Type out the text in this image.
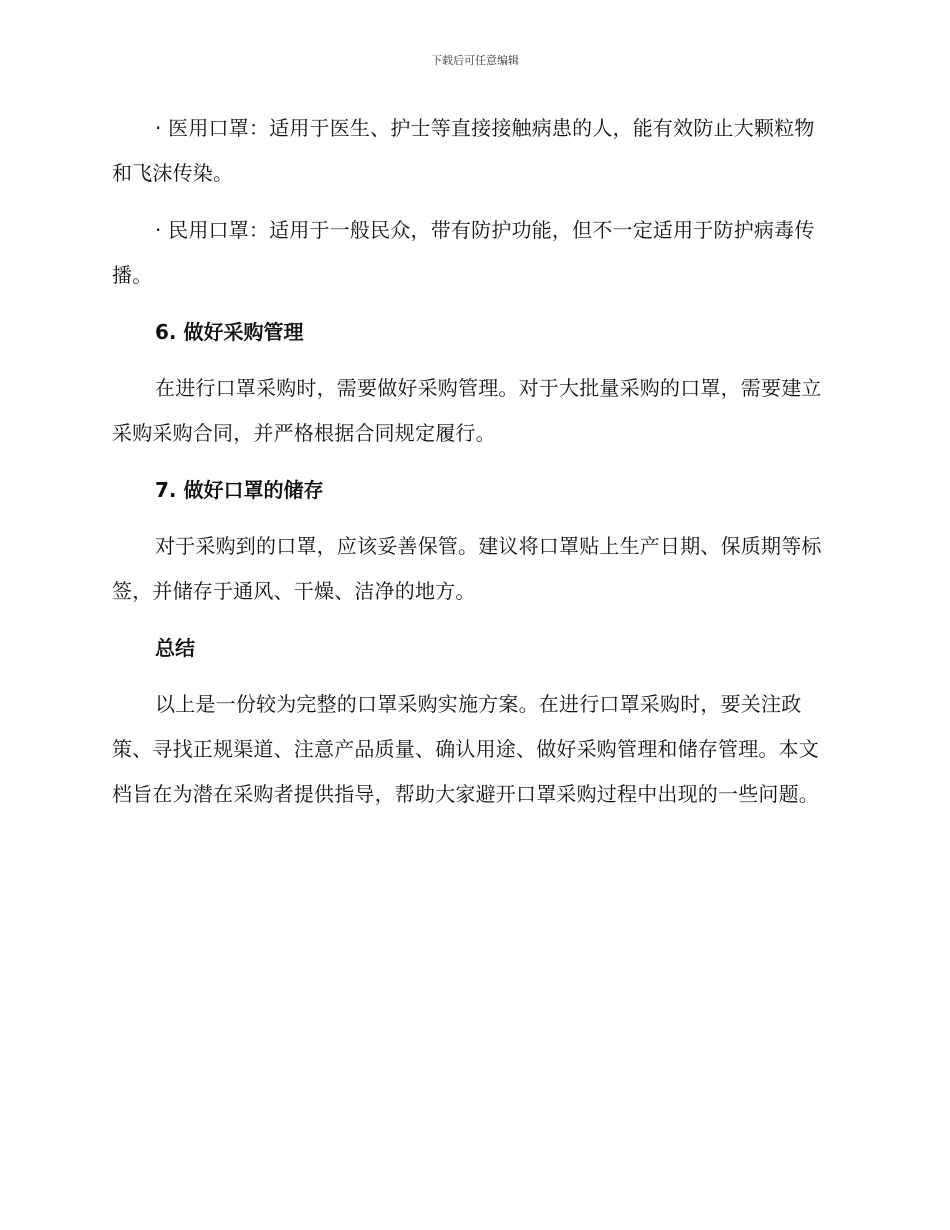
下载后可任意编辑

· 医用口罩：适用于医生、护士等直接接触病患的人，能有效防止大颗粒物和飞沫传染。

· 民用口罩：适用于一般民众，带有防护功能，但不一定适用于防护病毒传播。

6. 做好采购管理

在进行口罩采购时，需要做好采购管理。对于大批量采购的口罩，需要建立采购采购合同，并严格根据合同规定履行。

7. 做好口罩的储存

对于采购到的口罩，应该妥善保管。建议将口罩贴上生产日期、保质期等标签，并储存于通风、干燥、洁净的地方。

总结

以上是一份较为完整的口罩采购实施方案。在进行口罩采购时，要关注政策、寻找正规渠道、注意产品质量、确认用途、做好采购管理和储存管理。本文档旨在为潜在采购者提供指导，帮助大家避开口罩采购过程中出现的一些问题。
